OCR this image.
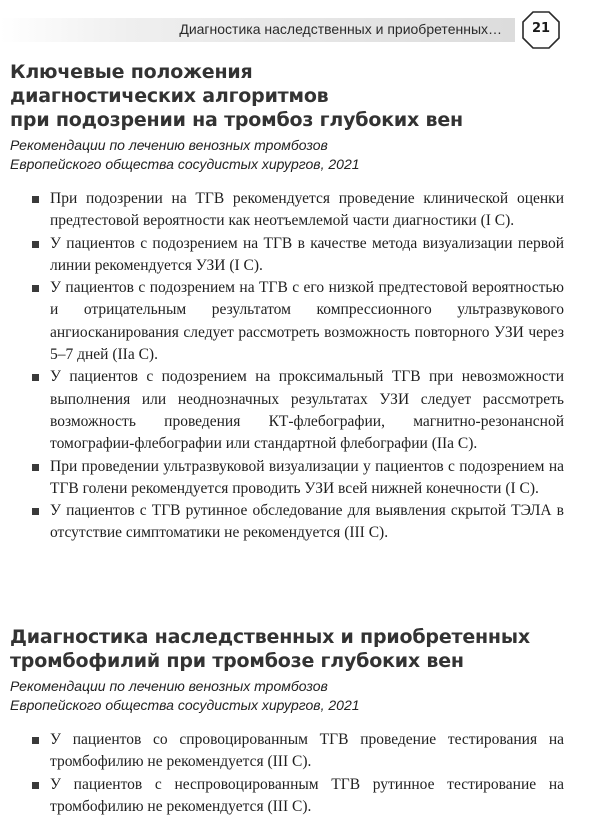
Диагностика наследственных и приобретенных…	21
Ключевые положения
диагностических алгоритмов
при подозрении на тромбоз глубоких вен

Рекомендации по лечению венозных тромбозов
Европейского общества сосудистых хирургов, 2021

При подозрении на ТГВ рекомендуется проведение клинической оценки предтестовой вероятности как неотъемлемой части диагностики (I C).
У пациентов с подозрением на ТГВ в качестве метода визуализации первой линии рекомендуется УЗИ (I C).
У пациентов с подозрением на ТГВ с его низкой предтестовой вероятностью и отрицательным результатом компрессионного ультразвукового ангиосканирования следует рассмотреть возможность повторного УЗИ через 5–7 дней (IIa C).
У пациентов с подозрением на проксимальный ТГВ при невозможности выполнения или неоднозначных результатах УЗИ следует рассмотреть возможность проведения КТ-флебографии, магнитно-резонансной томографии-флебографии или стандартной флебографии (IIa C).
При проведении ультразвуковой визуализации у пациентов с подозрением на ТГВ голени рекомендуется проводить УЗИ всей нижней конечности (I C).
У пациентов с ТГВ рутинное обследование для выявления скрытой ТЭЛА в отсутствие симптоматики не рекомендуется (III C).
Диагностика наследственных и приобретенных
тромбофилий при тромбозе глубоких вен

Рекомендации по лечению венозных тромбозов
Европейского общества сосудистых хирургов, 2021

У пациентов со спровоцированным ТГВ проведение тестирования на тромбофилию не рекомендуется (III C).
У пациентов с неспровоцированным ТГВ рутинное тестирование на тромбофилию не рекомендуется (III C).
